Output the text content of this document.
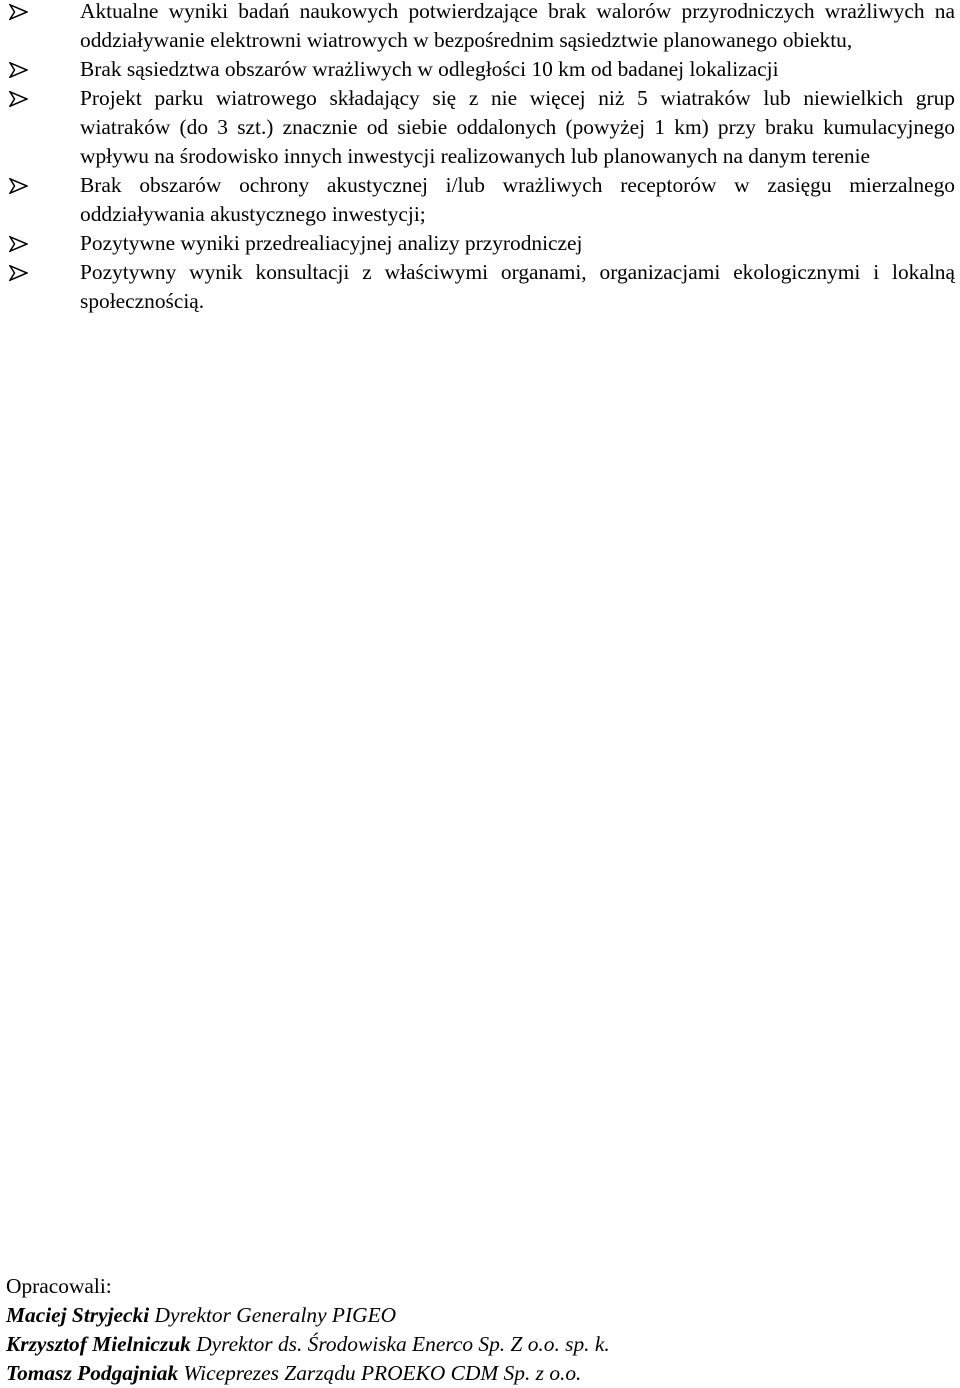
Aktualne wyniki badań naukowych potwierdzające brak walorów przyrodniczych wrażliwych na oddziaływanie elektrowni wiatrowych w bezpośrednim sąsiedztwie planowanego obiektu,
Brak sąsiedztwa obszarów wrażliwych w odległości 10 km od badanej lokalizacji
Projekt parku wiatrowego składający się z nie więcej niż 5 wiatraków lub niewielkich grup wiatraków (do 3 szt.) znacznie od siebie oddalonych (powyżej 1 km) przy braku kumulacyjnego wpływu na środowisko innych inwestycji realizowanych lub planowanych na danym terenie
Brak obszarów ochrony akustycznej i/lub wrażliwych receptorów w zasięgu mierzalnego oddziaływania akustycznego inwestycji;
Pozytywne wyniki przedrealiacyjnej analizy przyrodniczej
Pozytywny wynik konsultacji z właściwymi organami, organizacjami ekologicznymi i lokalną społecznością.
Opracowali:
Maciej Stryjecki Dyrektor Generalny PIGEO
Krzysztof Mielniczuk Dyrektor ds. Środowiska Enerco Sp. Z o.o. sp. k.
Tomasz Podgajniak Wiceprezes Zarządu PROEKO CDM Sp. z o.o.
